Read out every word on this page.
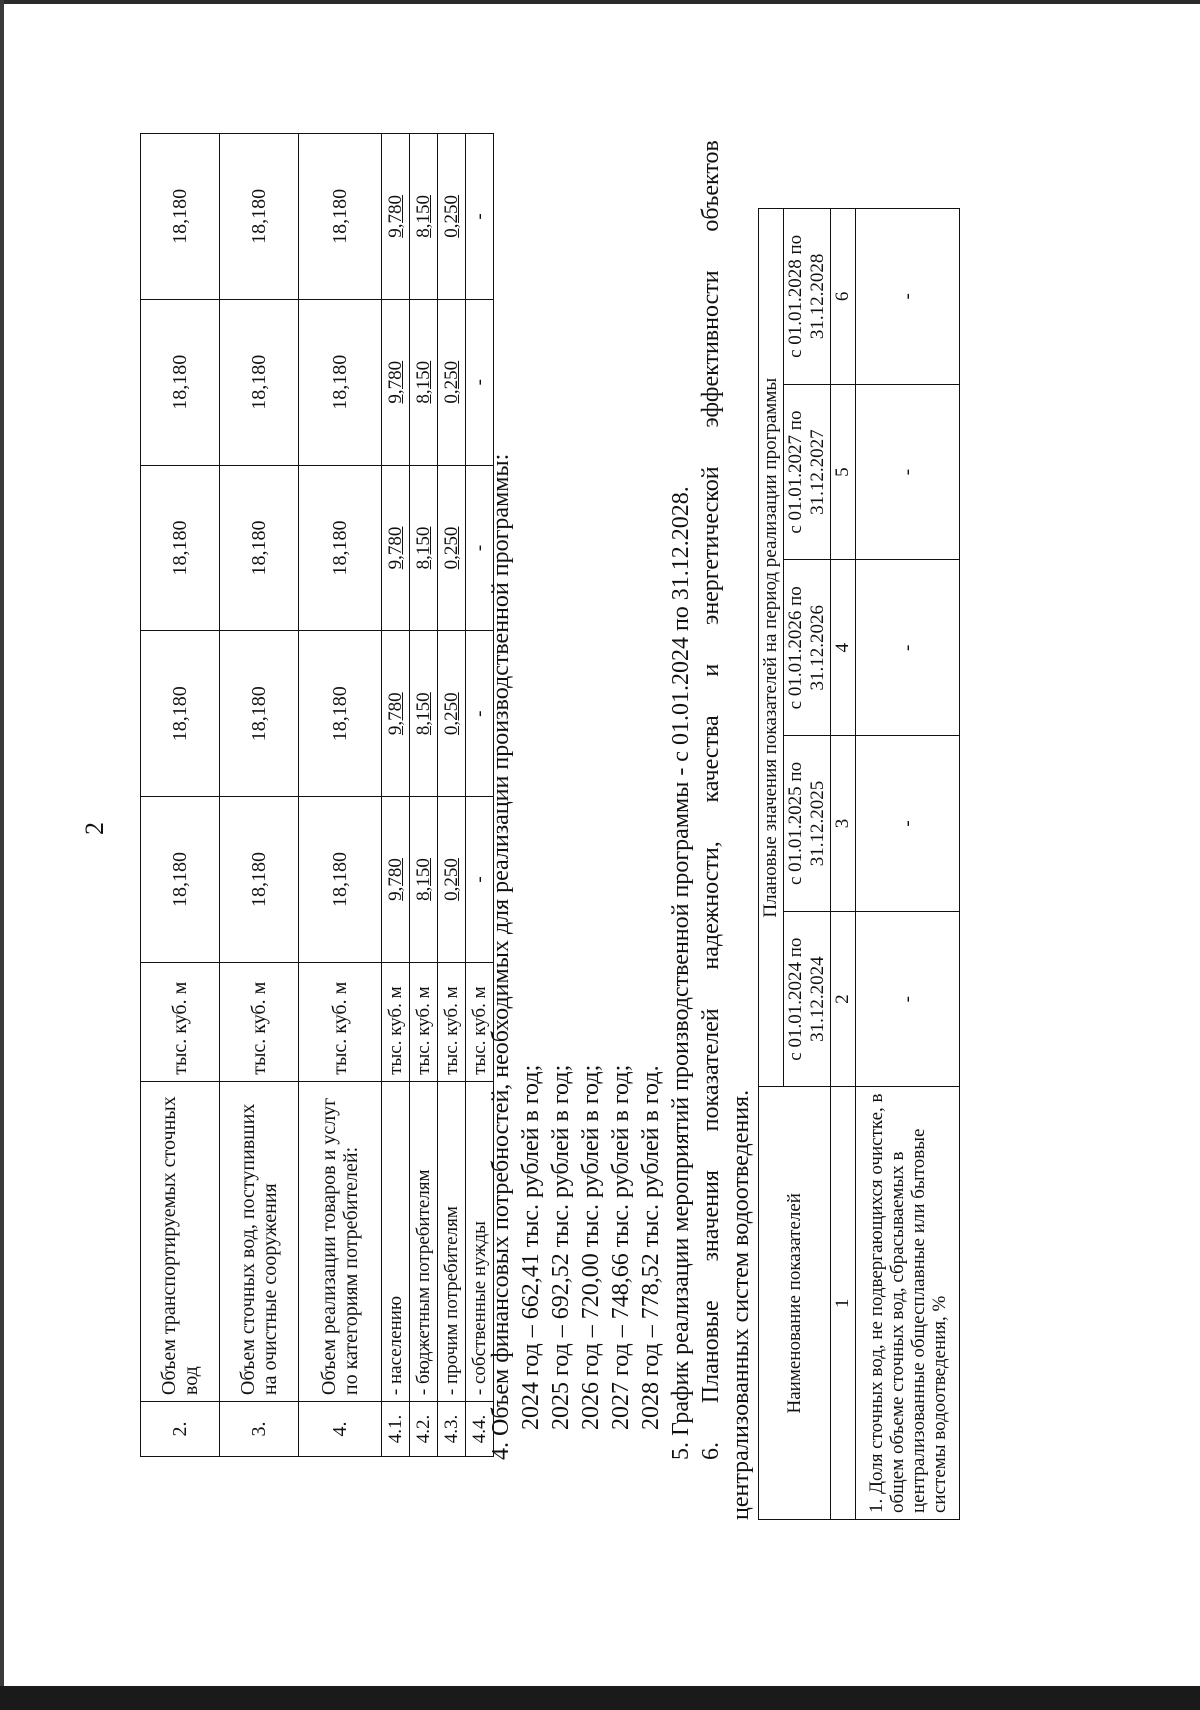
2
2.	Объем транспортируемых сточных вод	тыс. куб. м	18,180	18,180	18,180	18,180	18,180
3.	Объем сточных вод, поступивших на очистные сооружения	тыс. куб. м	18,180	18,180	18,180	18,180	18,180
4.	Объем реализации товаров и услуг по категориям потребителей:	тыс. куб. м	18,180	18,180	18,180	18,180	18,180
4.1.	- населению	тыс. куб. м	9,780	9,780	9,780	9,780	9,780
4.2.	- бюджетным потребителям	тыс. куб. м	8,150	8,150	8,150	8,150	8,150
4.3.	- прочим потребителям	тыс. куб. м	0,250	0,250	0,250	0,250	0,250
4.4.	- собственные нужды	тыс. куб. м	-	-	-	-	-
4. Объем финансовых потребностей, необходимых для реализации производственной программы: 2024 год – 662,41 тыс. рублей в год; 2025 год – 692,52 тыс. рублей в год; 2026 год – 720,00 тыс. рублей в год; 2027 год – 748,66 тыс. рублей в год; 2028 год – 778,52 тыс. рублей в год. 5. График реализации мероприятий производственной программы - с 01.01.2024 по 31.12.2028. 6.
Плановые
значения
показателей
надежности,
качества
и
энергетической
эффективности
объектов
централизованных систем водоотведения. Наименование показателей	Плановые значения показателей на период реализации программы				
	с 01.01.2024 по 31.12.2024	с 01.01.2025 по 31.12.2025	с 01.01.2026 по 31.12.2026	с 01.01.2027 по 31.12.2027	с 01.01.2028 по 31.12.2028
1	2	3	4	5	6
1. Доля сточных вод, не подвергающихся очистке, в общем объеме сточных вод, сбрасываемых в централизованные общесплавные или бытовые системы водоотведения, %	-	-	-	-	-
